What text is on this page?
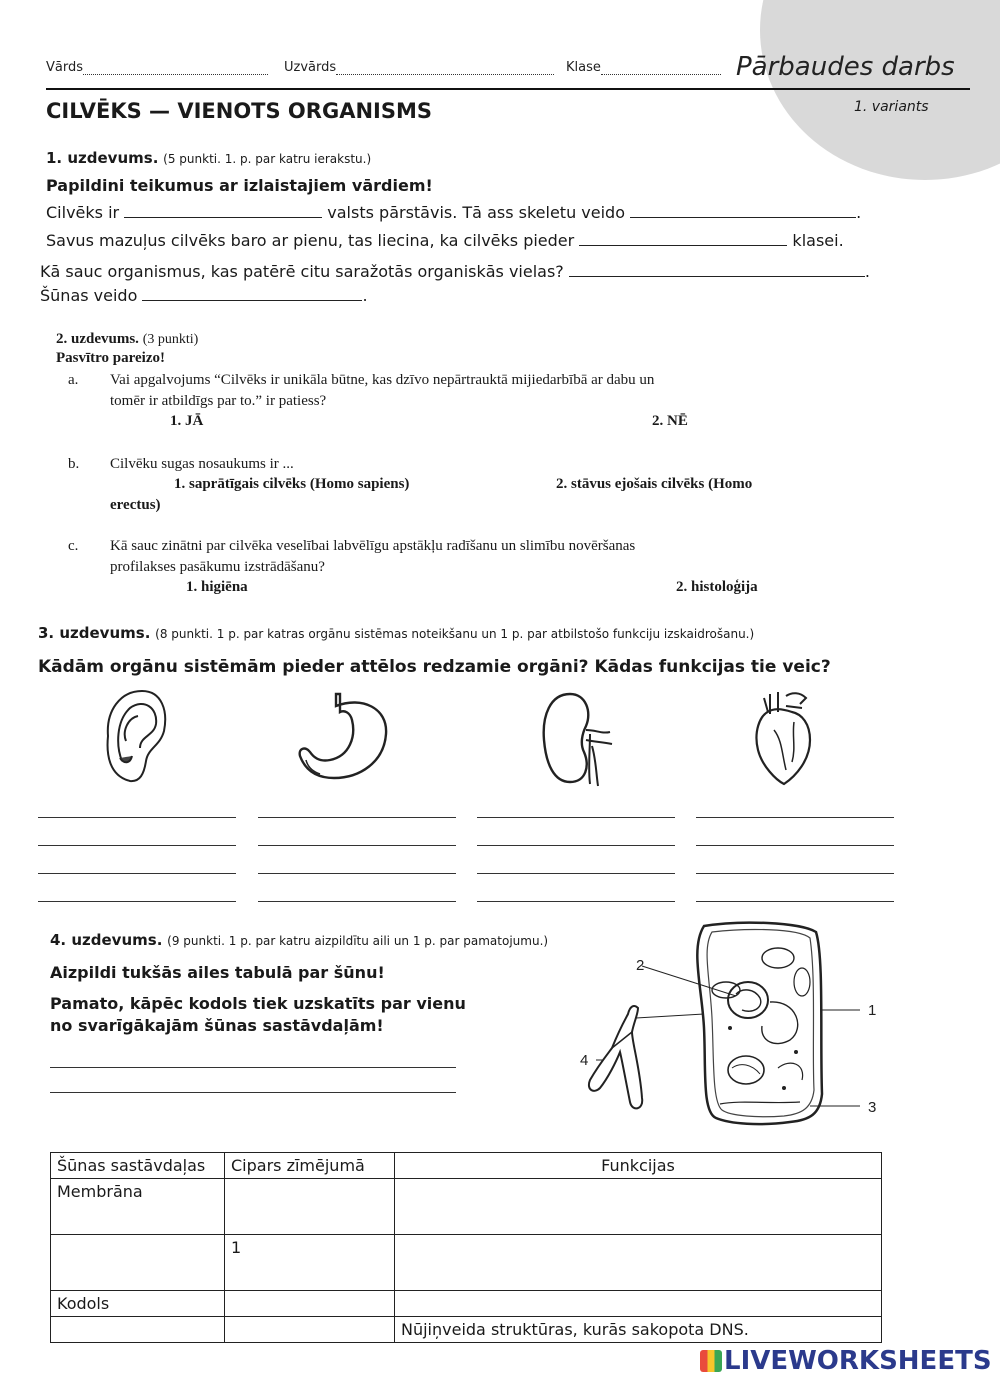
Vārds	Uzvārds	Klase	Pārbaudes darbs
CILVĒKS — VIENOTS ORGANISMS	1. variants
1. uzdevums. (5 punkti. 1. p. par katru ierakstu.)
Papildini teikumus ar izlaistajiem vārdiem!
Cilvēks ir	valsts pārstāvis. Tā ass skeletu veido	.
Savus mazuļus cilvēks baro ar pienu, tas liecina, ka cilvēks pieder	klasei.
Kā sauc organismus, kas patērē citu saražotās organiskās vielas?	.
Šūnas veido	.
2. uzdevums. (3 punkti)
Pasvītro pareizo!
a. Vai apgalvojums “Cilvēks ir unikāla būtne, kas dzīvo nepārtrauktā mijiedarbībā ar dabu un
tomēr ir atbildīgs par to.” ir patiess?
1. JĀ	2. NĒ
b. Cilvēku sugas nosaukums ir ...
1. saprātīgais cilvēks (Homo sapiens)	2. stāvus ejošais cilvēks (Homo
erectus)
c. Kā sauc zinātni par cilvēka veselībai labvēlīgu apstākļu radīšanu un slimību novēršanas
profilakses pasākumu izstrādāšanu?
1. higiēna	2. histoloģija
3. uzdevums. (8 punkti. 1 p. par katras orgānu sistēmas noteikšanu un 1 p. par atbilstošo funkciju izskaidrošanu.)
Kādām orgānu sistēmām pieder attēlos redzamie orgāni? Kādas funkcijas tie veic?
4. uzdevums. (9 punkti. 1 p. par katru aizpildītu aili un 1 p. par pamatojumu.)
Aizpildi tukšās ailes tabulā par šūnu!
Pamato, kāpēc kodols tiek uzskatīts par vienu
no svarīgākajām šūnas sastāvdaļām!
2
1
3
4
Šūnas sastāvdaļas	Cipars zīmējumā	Funkcijas
Membrāna		
	1	
Kodols		
		Nūjiņveida struktūras, kurās sakopota DNS.
LIVEWORKSHEETS
